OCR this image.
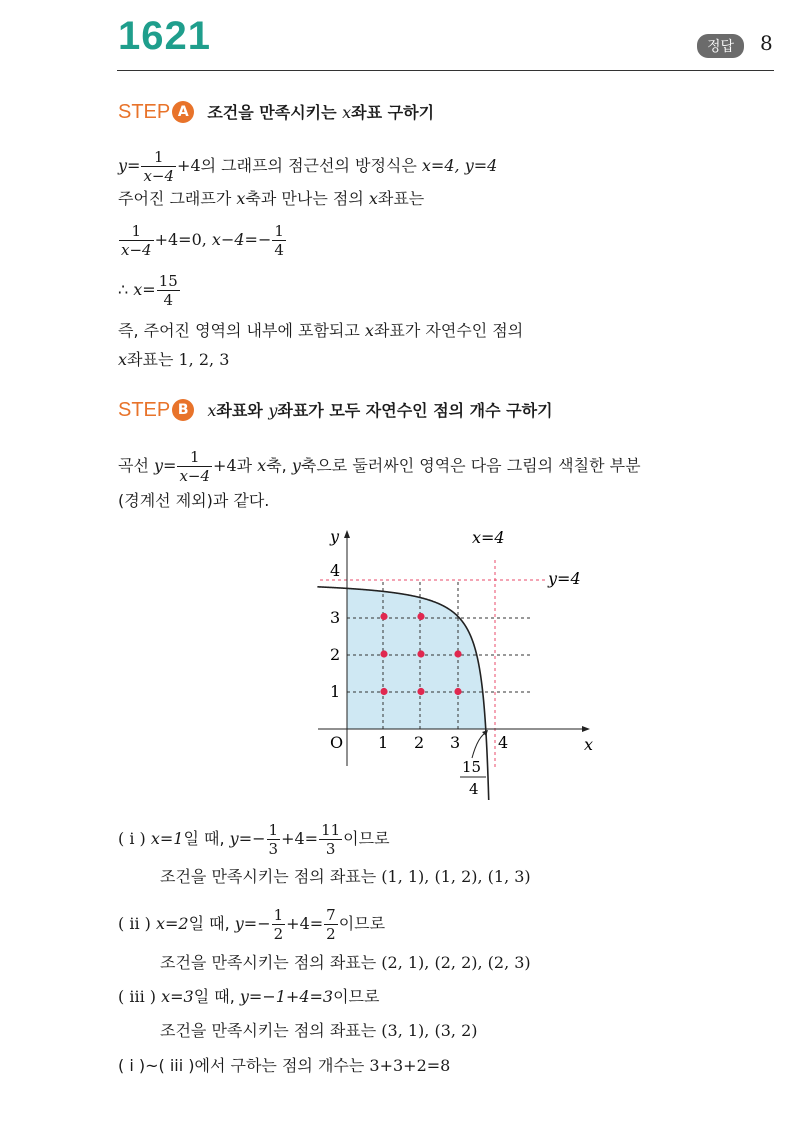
1621	정답	8
STEP A 조건을 만족시키는 x좌표 구하기
$y= \frac{1}{x-4} +4$의 그래프의 점근선의 방정식은 x=4, y=4
주어진 그래프가 x축과 만나는 점의 x좌표는
$\frac{1}{x-4} +4=0$, $x-4=- \frac{1}{4}$
∴ $x= \frac{15}{4}$
즉, 주어진 영역의 내부에 포함되고 x좌표가 자연수인 점의
x좌표는 1, 2, 3
STEP B x좌표와 y좌표가 모두 자연수인 점의 개수 구하기
곡선 $y= \frac{1}{x-4} +4$과 x축, y축으로 둘러싸인 영역은 다음 그림의 색칠한 부분
(경계선 제외)과 같다.
y
x
O
4
3
2
1
1 2 3 4
x=4
y=4
15
4
( i ) x=1일 때, $y=- \frac{1}{3} +4= \frac{11}{3}$ 이므로
조건을 만족시키는 점의 좌표는 (1, 1), (1, 2), (1, 3)
( ii ) x=2일 때, $y=- \frac{1}{2} +4= \frac{7}{2}$ 이므로
조건을 만족시키는 점의 좌표는 (2, 1), (2, 2), (2, 3)
( iii ) x=3일 때, y=−1+4=3이므로
조건을 만족시키는 점의 좌표는 (3, 1), (3, 2)
( i )~( iii )에서 구하는 점의 개수는 3+3+2=8
